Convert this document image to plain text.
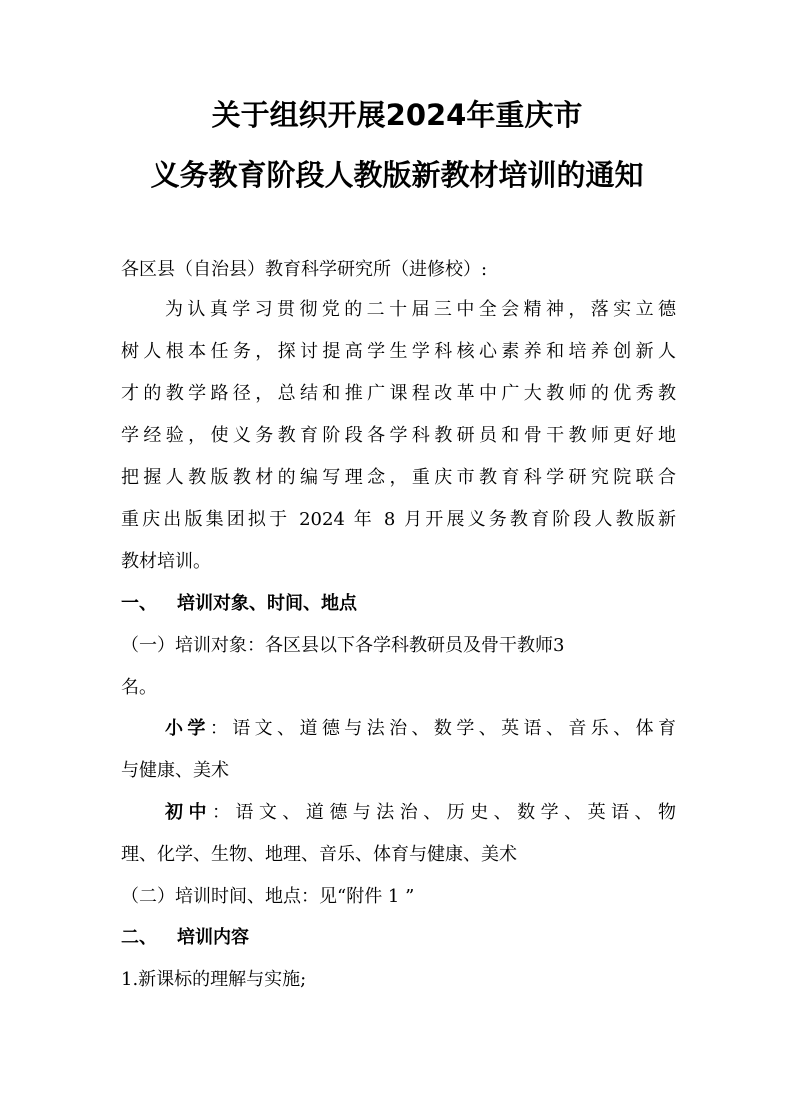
关于组织开展2024年重庆市
义务教育阶段人教版新教材培训的通知

各区县（自治县）教育科学研究所（进修校）:

为认真学习贯彻党的二十届三中全会精神，落实立德

树人根本任务，探讨提高学生学科核心素养和培养创新人

才的教学路径，总结和推广课程改革中广大教师的优秀教

学经验，使义务教育阶段各学科教研员和骨干教师更好地

把握人教版教材的编写理念，重庆市教育科学研究院联合

重庆出版集团拟于 2024 年 8 月开展义务教育阶段人教版新

教材培训。

一、 培训对象、时间、地点

（一）培训对象：各区县以下各学科教研员及骨干教师3

名。

小学：语文、道德与法治、数学、英语、音乐、体育

与健康、美术

初中：语文、道德与法治、历史、数学、英语、物

理、化学、生物、地理、音乐、体育与健康、美术

（二）培训时间、地点：见“附件 1 ”

二、 培训内容

1.新课标的理解与实施;
